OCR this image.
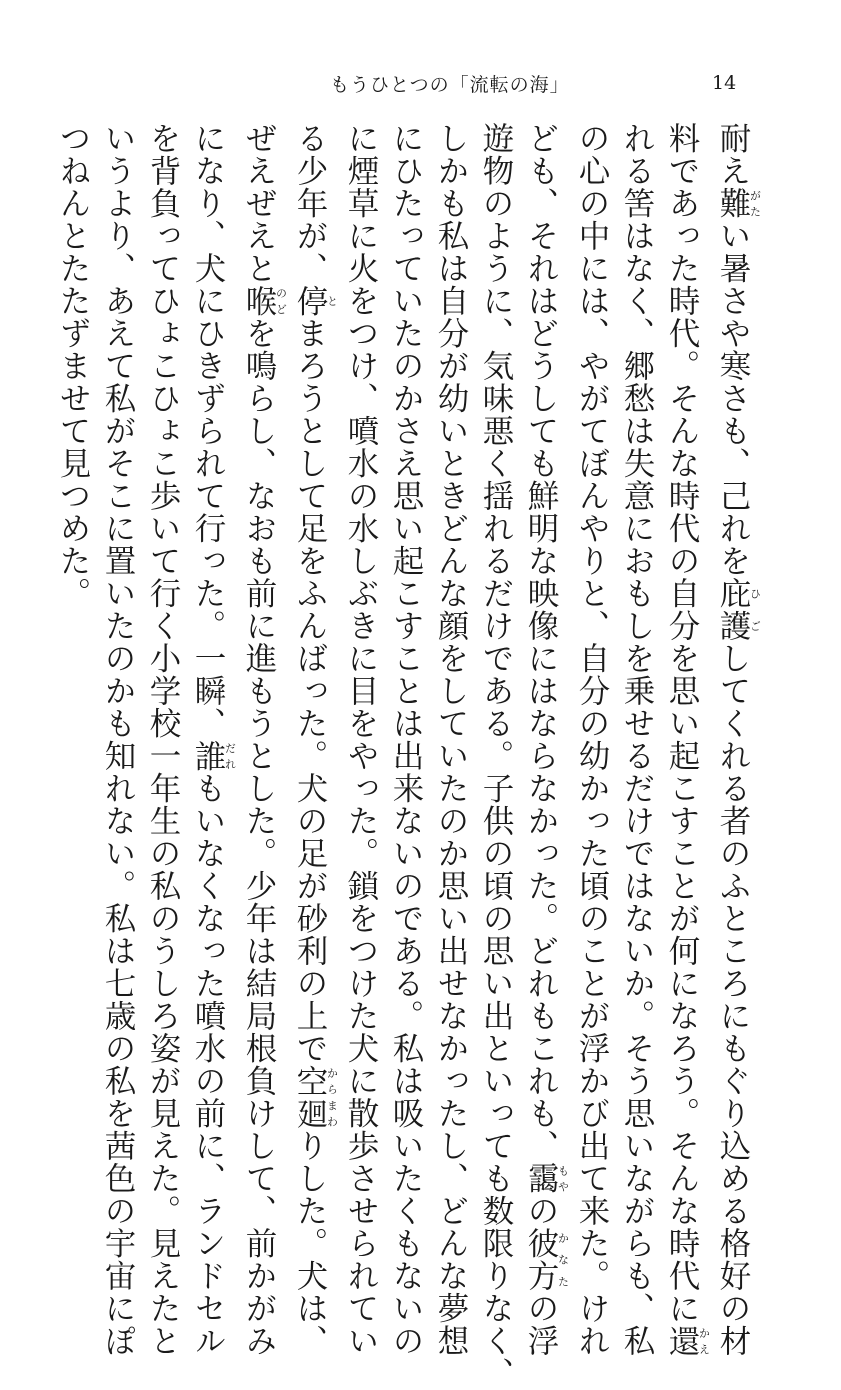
もうひとつの「流転の海」	14
耐え難がたい暑さや寒さも、己れを庇護ひごしてくれる者のふところにもぐり込める格好の材
料であった時代。そんな時代の自分を思い起こすことが何になろう。そんな時代に還かえ
れる筈はなく、郷愁は失意におもしを乗せるだけではないか。そう思いながらも、私
の心の中には、やがてぼんやりと、自分の幼かった頃のことが浮かび出て来た。けれ
ども、それはどうしても鮮明な映像にはならなかった。どれもこれも、靄もやの彼方かなたの浮
遊物のように、気味悪く揺れるだけである。子供の頃の思い出といっても数限りなく、
しかも私は自分が幼いときどんな顔をしていたのか思い出せなかったし、どんな夢想
にひたっていたのかさえ思い起こすことは出来ないのである。私は吸いたくもないの
に煙草に火をつけ、噴水の水しぶきに目をやった。鎖をつけた犬に散歩させられてい
る少年が、停とまろうとして足をふんばった。犬の足が砂利の上で空廻からまわりした。犬は、
ぜえぜえと喉のどを鳴らし、なおも前に進もうとした。少年は結局根負けして、前かがみ
になり、犬にひきずられて行った。一瞬、誰だれもいなくなった噴水の前に、ランドセル
を背負ってひょこひょこ歩いて行く小学校一年生の私のうしろ姿が見えた。見えたと
いうより、あえて私がそこに置いたのかも知れない。私は七歳の私を茜色の宇宙にぽ
つねんとたたずませて見つめた。
